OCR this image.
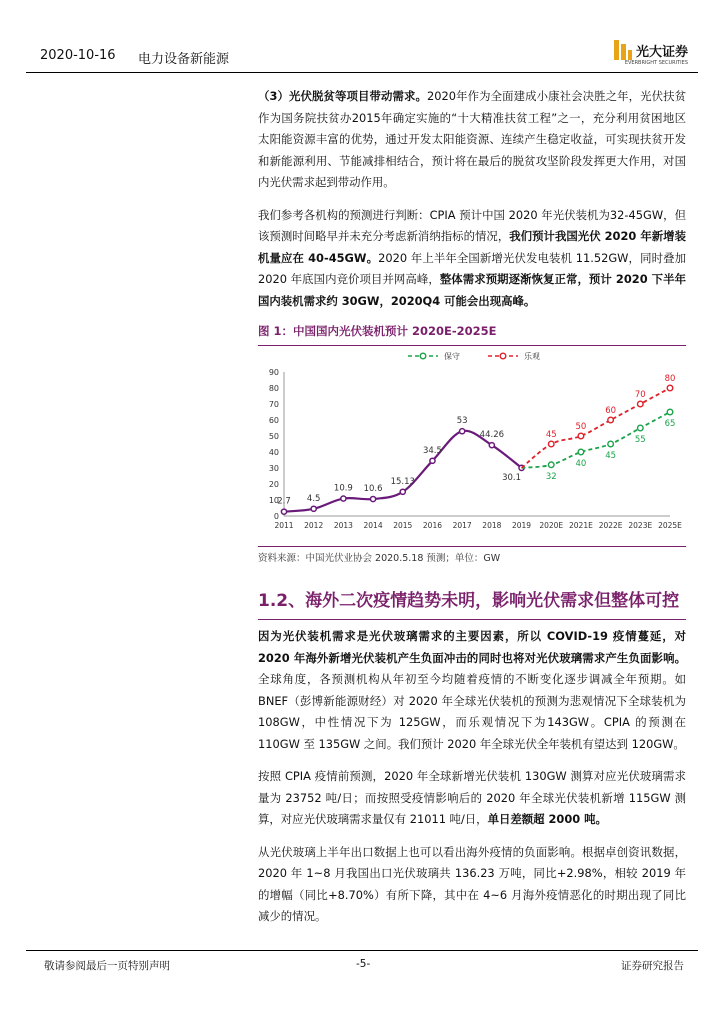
2020-10-16 电力设备新能源	光大证券
EVERBRIGHT SECURITIES

（3）光伏脱贫等项目带动需求。2020年作为全面建成小康社会决胜之年，光伏扶贫作为国务院扶贫办2015年确定实施的“十大精准扶贫工程”之一，充分利用贫困地区太阳能资源丰富的优势，通过开发太阳能资源、连续产生稳定收益，可实现扶贫开发和新能源利用、节能减排相结合，预计将在最后的脱贫攻坚阶段发挥更大作用，对国内光伏需求起到带动作用。

我们参考各机构的预测进行判断：CPIA 预计中国 2020 年光伏装机为32-45GW，但该预测时间略早并未充分考虑新消纳指标的情况，我们预计我国光伏 2020 年新增装机量应在 40-45GW。2020 年上半年全国新增光伏发电装机 11.52GW，同时叠加 2020 年底国内竞价项目并网高峰，整体需求预期逐渐恢复正常，预计 2020 下半年国内装机需求约 30GW，2020Q4 可能会出现高峰。

图 1：中国国内光伏装机预计 2020E-2025E
0
10
20
30
40
50
60
70
80
90
2011 2012 2013 2014 2015 2016 2017 2018 2019 2020E 2021E 2022E 2023E 2025E
2.7 4.5
10.9 10.6
15.13
34.5
53
44.26
30.1	32
40
45
55
65
45
50
60
70
80
保守	乐观
资料来源：中国光伏业协会 2020.5.18 预测；单位：GW
1.2、海外二次疫情趋势未明，影响光伏需求但整体可控

因为光伏装机需求是光伏玻璃需求的主要因素，所以 COVID-19 疫情蔓延，对 2020 年海外新增光伏装机产生负面冲击的同时也将对光伏玻璃需求产生负面影响。全球角度，各预测机构从年初至今均随着疫情的不断变化逐步调减全年预期。如 BNEF（彭博新能源财经）对 2020 年全球光伏装机的预测为悲观情况下全球装机为 108GW，中性情况下为 125GW，而乐观情况下为143GW。CPIA 的预测在 110GW 至 135GW 之间。我们预计 2020 年全球光伏全年装机有望达到 120GW。

按照 CPIA 疫情前预测，2020 年全球新增光伏装机 130GW 测算对应光伏玻璃需求量为 23752 吨/日；而按照受疫情影响后的 2020 年全球光伏装机新增 115GW 测算，对应光伏玻璃需求量仅有 21011 吨/日，单日差额超 2000 吨。

从光伏玻璃上半年出口数据上也可以看出海外疫情的负面影响。根据卓创资讯数据，2020 年 1~8 月我国出口光伏玻璃共 136.23 万吨，同比+2.98%，相较 2019 年的增幅（同比+8.70%）有所下降，其中在 4~6 月海外疫情恶化的时期出现了同比减少的情况。

敬请参阅最后一页特别声明	-5-	证券研究报告
